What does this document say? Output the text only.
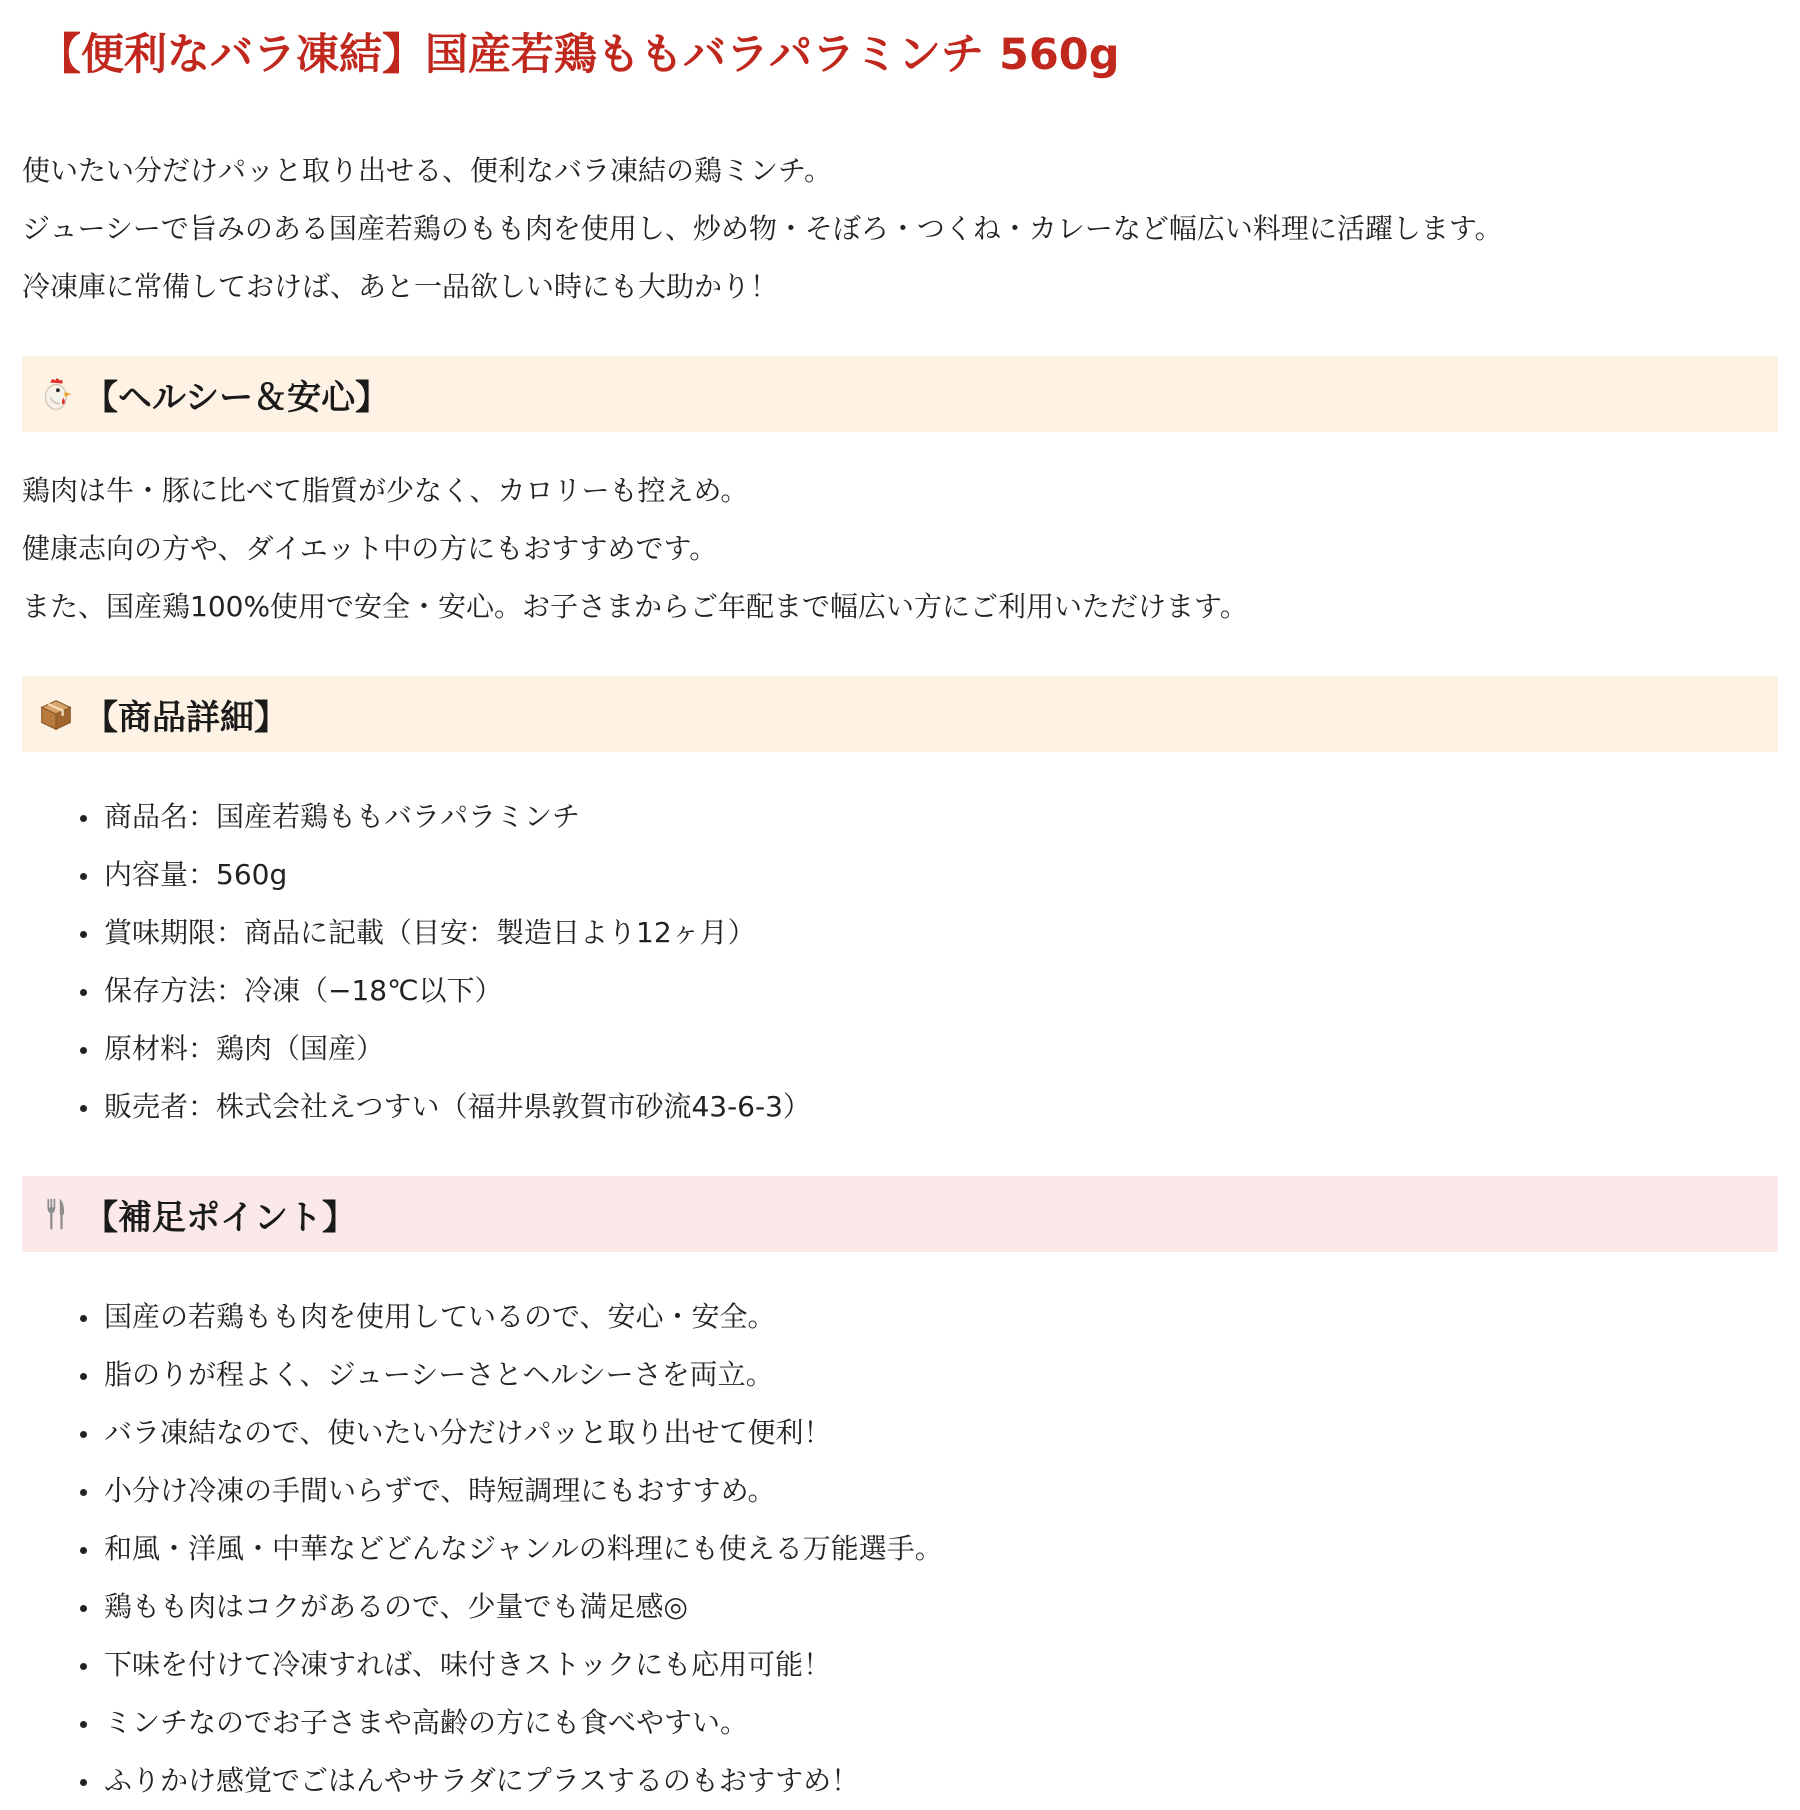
【便利なバラ凍結】国産若鶏ももバラパラミンチ 560g
使いたい分だけパッと取り出せる、便利なバラ凍結の鶏ミンチ。
ジューシーで旨みのある国産若鶏のもも肉を使用し、炒め物・そぼろ・つくね・カレーなど幅広い料理に活躍します。
冷凍庫に常備しておけば、あと一品欲しい時にも大助かり！
【ヘルシー＆安心】
鶏肉は牛・豚に比べて脂質が少なく、カロリーも控えめ。
健康志向の方や、ダイエット中の方にもおすすめです。
また、国産鶏100%使用で安全・安心。お子さまからご年配まで幅広い方にご利用いただけます。
【商品詳細】
商品名：国産若鶏ももバラパラミンチ
内容量：560g
賞味期限：商品に記載（目安：製造日より12ヶ月）
保存方法：冷凍（−18℃以下）
原材料：鶏肉（国産）
販売者：株式会社えつすい（福井県敦賀市砂流43-6-3）
【補足ポイント】
国産の若鶏もも肉を使用しているので、安心・安全。
脂のりが程よく、ジューシーさとヘルシーさを両立。
バラ凍結なので、使いたい分だけパッと取り出せて便利！
小分け冷凍の手間いらずで、時短調理にもおすすめ。
和風・洋風・中華などどんなジャンルの料理にも使える万能選手。
鶏もも肉はコクがあるので、少量でも満足感◎
下味を付けて冷凍すれば、味付きストックにも応用可能！
ミンチなのでお子さまや高齢の方にも食べやすい。
ふりかけ感覚でごはんやサラダにプラスするのもおすすめ！
